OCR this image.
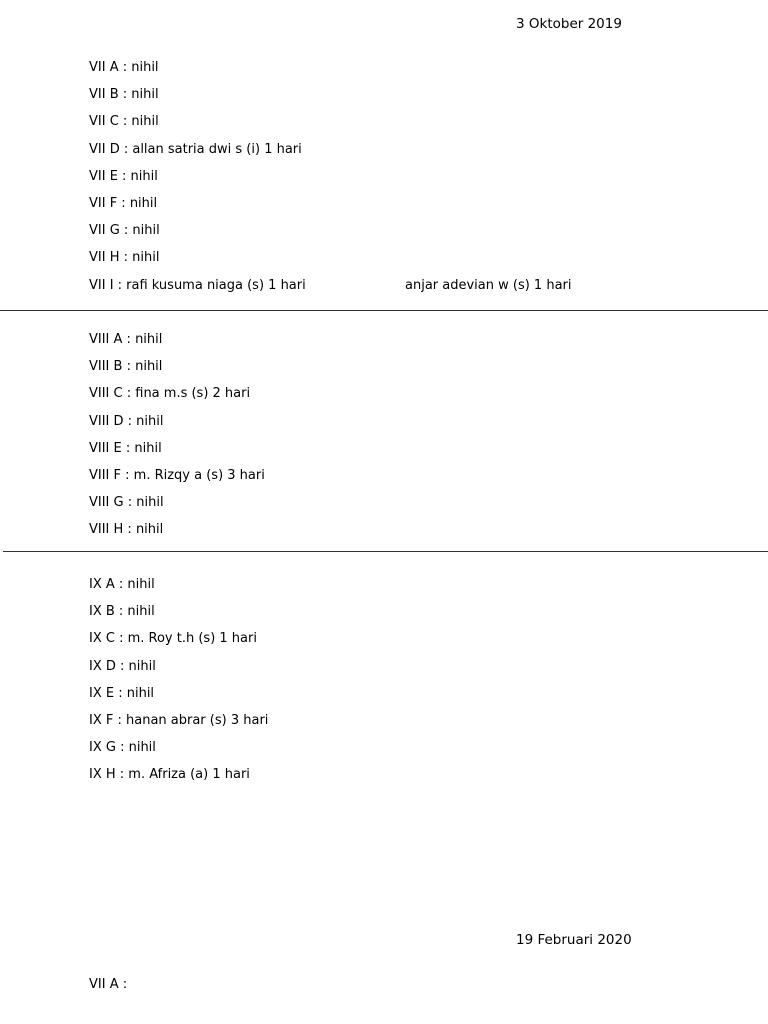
3 Oktober 2019
VII A : nihil
VII B : nihil
VII C : nihil
VII D : allan satria dwi s (i) 1 hari
VII E : nihil
VII F : nihil
VII G : nihil
VII H : nihil
VII I : rafi kusuma niaga (s) 1 hari	anjar adevian w (s) 1 hari
VIII A : nihil
VIII B : nihil
VIII C : fina m.s (s) 2 hari
VIII D : nihil
VIII E : nihil
VIII F : m. Rizqy a (s) 3 hari
VIII G : nihil
VIII H : nihil
IX A : nihil
IX B : nihil
IX C : m. Roy t.h (s) 1 hari
IX D : nihil
IX E : nihil
IX F : hanan abrar (s) 3 hari
IX G : nihil
IX H : m. Afriza (a) 1 hari
19 Februari 2020
VII A :
